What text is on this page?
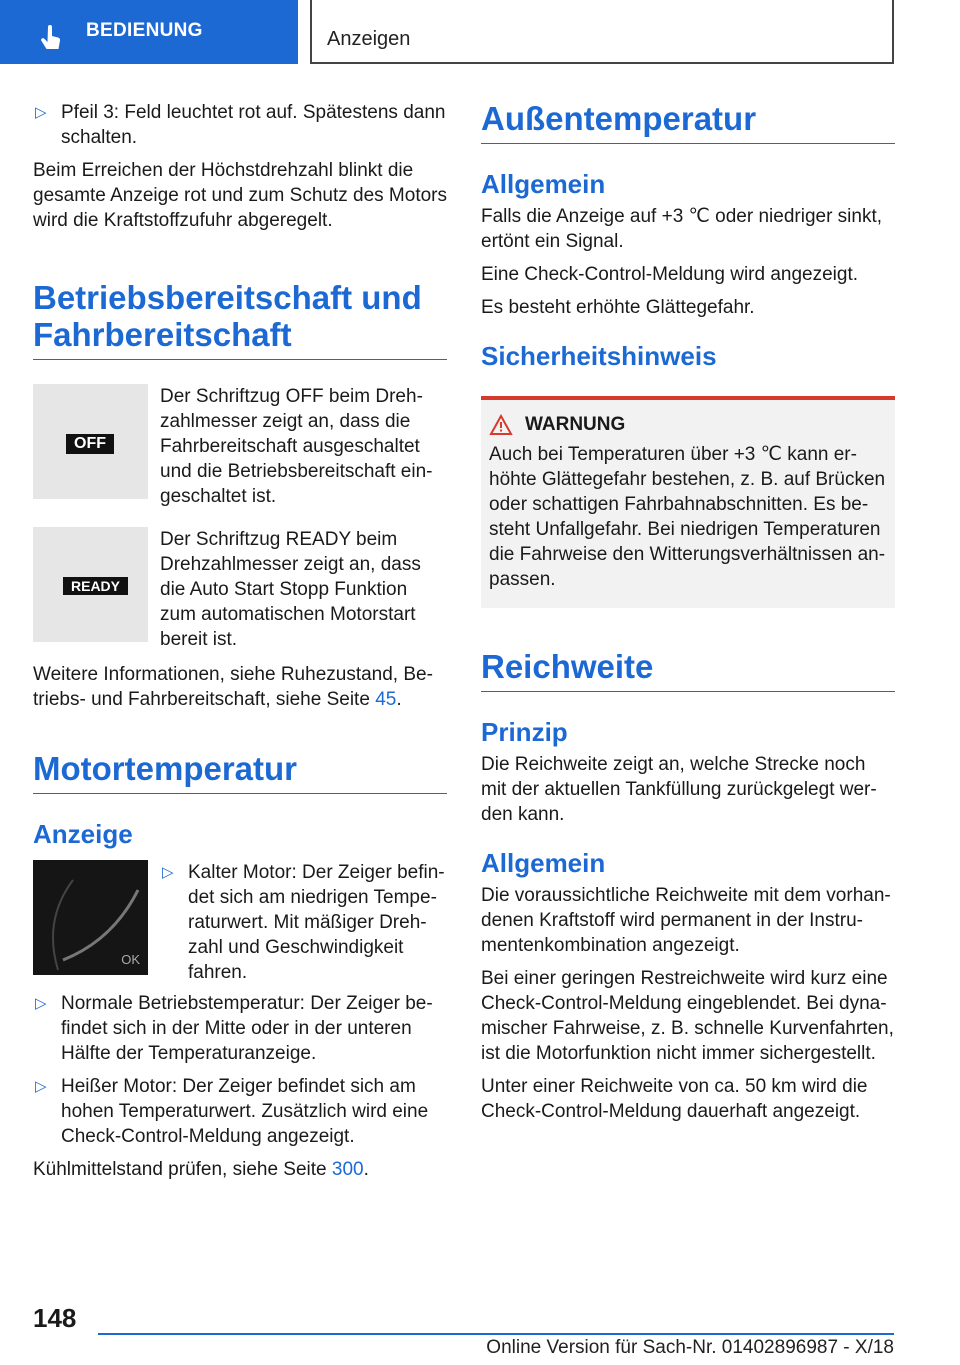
BEDIENUNG	Anzeigen
▷ Pfeil 3: Feld leuchtet rot auf. Spätestens dann schalten.

Beim Erreichen der Höchstdrehzahl blinkt die gesamte Anzeige rot und zum Schutz des Motors wird die Kraftstoffzufuhr abgeregelt.

Betriebsbereitschaft und Fahrbereitschaft
OFF
Der Schriftzug OFF beim Drehzahlmesser zeigt an, dass die Fahrbereitschaft ausgeschaltet und die Betriebsbereitschaft eingeschaltet ist.
READY
Der Schriftzug READY beim Drehzahlmesser zeigt an, dass die Auto Start Stopp Funktion zum automatischen Motorstart bereit ist.

Weitere Informationen, siehe Ruhezustand, Betriebs- und Fahrbereitschaft, siehe Seite 45.

Motortemperatur
Anzeige
OK
▷ Kalter Motor: Der Zeiger befindet sich am niedrigen Temperaturwert. Mit mäßiger Drehzahl und Geschwindigkeit fahren.
▷ Normale Betriebstemperatur: Der Zeiger befindet sich in der Mitte oder in der unteren Hälfte der Temperaturanzeige.
▷ Heißer Motor: Der Zeiger befindet sich am hohen Temperaturwert. Zusätzlich wird eine Check-Control-Meldung angezeigt.

Kühlmittelstand prüfen, siehe Seite 300.

Außentemperatur
Allgemein

Falls die Anzeige auf +3 ℃ oder niedriger sinkt, ertönt ein Signal.

Eine Check-Control-Meldung wird angezeigt.

Es besteht erhöhte Glättegefahr.

Sicherheitshinweis
WARNUNG

Auch bei Temperaturen über +3 ℃ kann erhöhte Glättegefahr bestehen, z. B. auf Brücken oder schattigen Fahrbahnabschnitten. Es besteht Unfallgefahr. Bei niedrigen Temperaturen die Fahrweise den Witterungsverhältnissen anpassen.

Reichweite
Prinzip

Die Reichweite zeigt an, welche Strecke noch mit der aktuellen Tankfüllung zurückgelegt werden kann.

Allgemein

Die voraussichtliche Reichweite mit dem vorhandenen Kraftstoff wird permanent in der Instrumentenkombination angezeigt.

Bei einer geringen Restreichweite wird kurz eine Check-Control-Meldung eingeblendet. Bei dynamischer Fahrweise, z. B. schnelle Kurvenfahrten, ist die Motorfunktion nicht immer sichergestellt.

Unter einer Reichweite von ca. 50 km wird die Check-Control-Meldung dauerhaft angezeigt.

148
Online Version für Sach-Nr. 01402896987 - X/18
